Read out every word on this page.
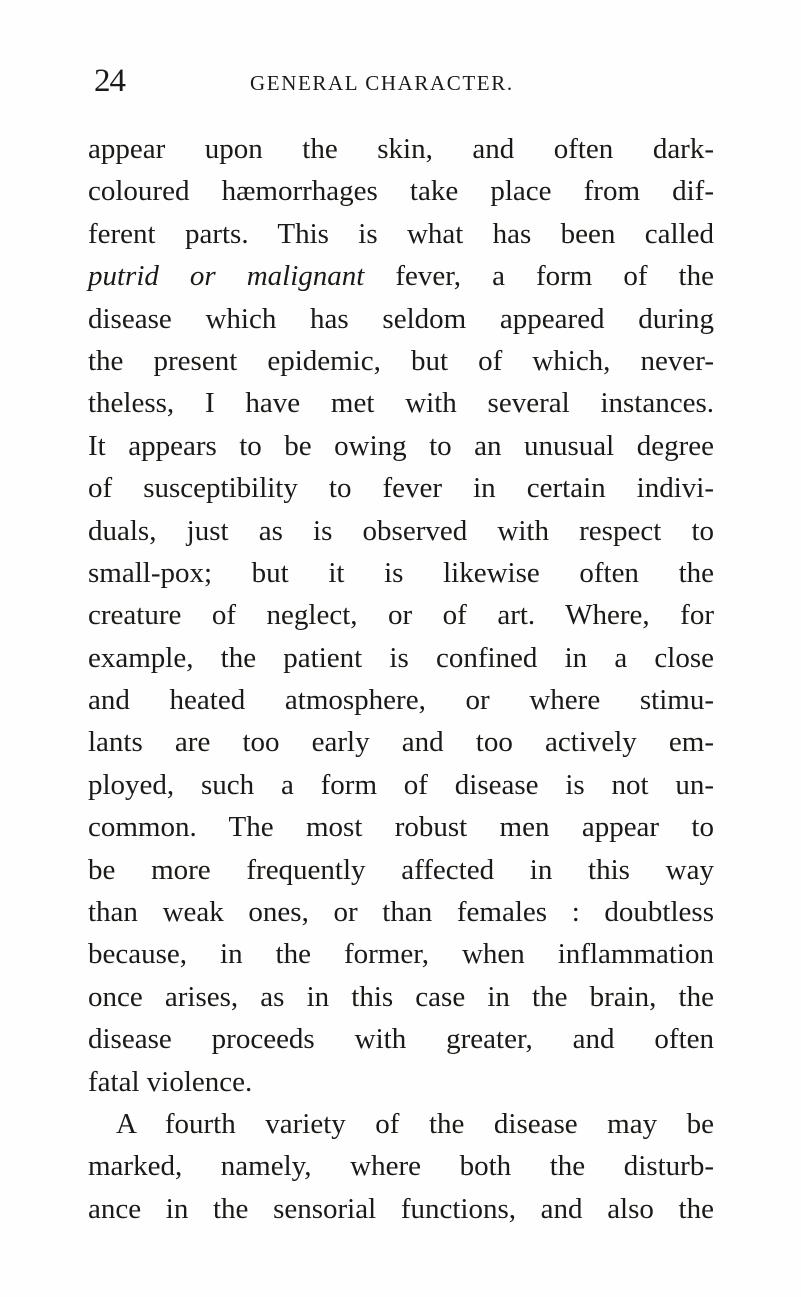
24	GENERAL CHARACTER.
appear upon the skin, and often dark-
coloured hæmorrhages take place from dif-
ferent parts. This is what has been called
putrid or malignant fever, a form of the
disease which has seldom appeared during
the present epidemic, but of which, never-
theless, I have met with several instances.
It appears to be owing to an unusual degree
of susceptibility to fever in certain indivi-
duals, just as is observed with respect to
small-pox; but it is likewise often the
creature of neglect, or of art. Where, for
example, the patient is confined in a close
and heated atmosphere, or where stimu-
lants are too early and too actively em-
ployed, such a form of disease is not un-
common. The most robust men appear to
be more frequently affected in this way
than weak ones, or than females : doubtless
because, in the former, when inflammation
once arises, as in this case in the brain, the
disease proceeds with greater, and often
fatal violence.
A fourth variety of the disease may be
marked, namely, where both the disturb-
ance in the sensorial functions, and also the
